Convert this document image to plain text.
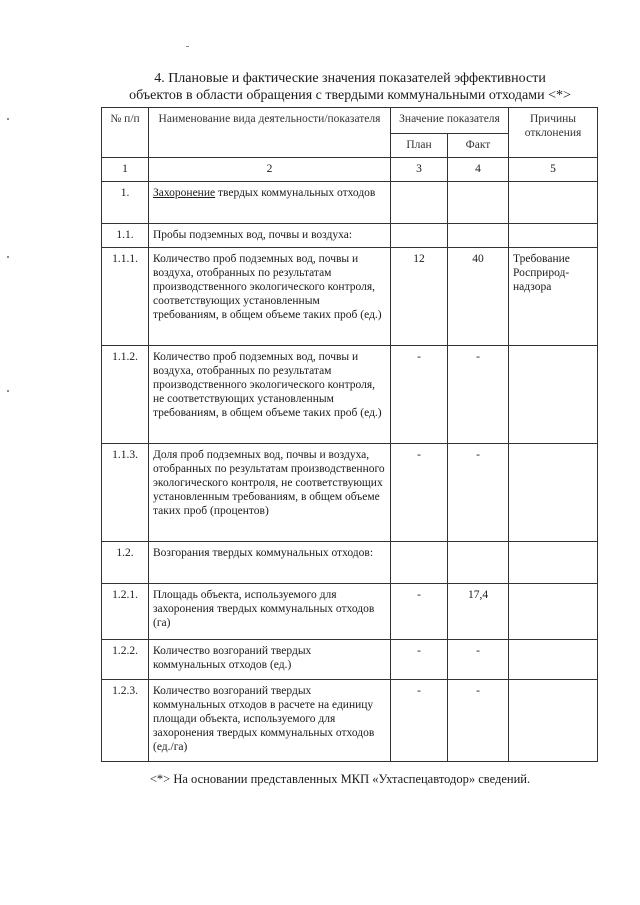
4. Плановые и фактические значения показателей эффективности
объектов в области обращения с твердыми коммунальными отходами <*>
№ п/п	Наименование вида деятельности/показателя	Значение показателя		Причины отклонения
		План	Факт	
1	2	3	4	5
1.	Захоронение твердых коммунальных отходов			
1.1.	Пробы подземных вод, почвы и воздуха:			
1.1.1.	Количество проб подземных вод, почвы и воздуха, отобранных по результатам производственного экологического контроля, соответствующих установленным требованиям, в общем объеме таких проб (ед.)	12	40	Требование Росприрод-надзора
1.1.2.	Количество проб подземных вод, почвы и воздуха, отобранных по результатам производственного экологического контроля, не соответствующих установленным требованиям, в общем объеме таких проб (ед.)	-	-	
1.1.3.	Доля проб подземных вод, почвы и воздуха, отобранных по результатам производственного экологического контроля, не соответствующих установленным требованиям, в общем объеме таких проб (процентов)	-	-	
1.2.	Возгорания твердых коммунальных отходов:			
1.2.1.	Площадь объекта, используемого для захоронения твердых коммунальных отходов (га)	-	17,4	
1.2.2.	Количество возгораний твердых коммунальных отходов (ед.)	-	-	
1.2.3.	Количество возгораний твердых коммунальных отходов в расчете на единицу площади объекта, используемого для захоронения твердых коммунальных отходов (ед./га)	-	-	
<*> На основании представленных МКП «Ухтаспецавтодор» сведений.
